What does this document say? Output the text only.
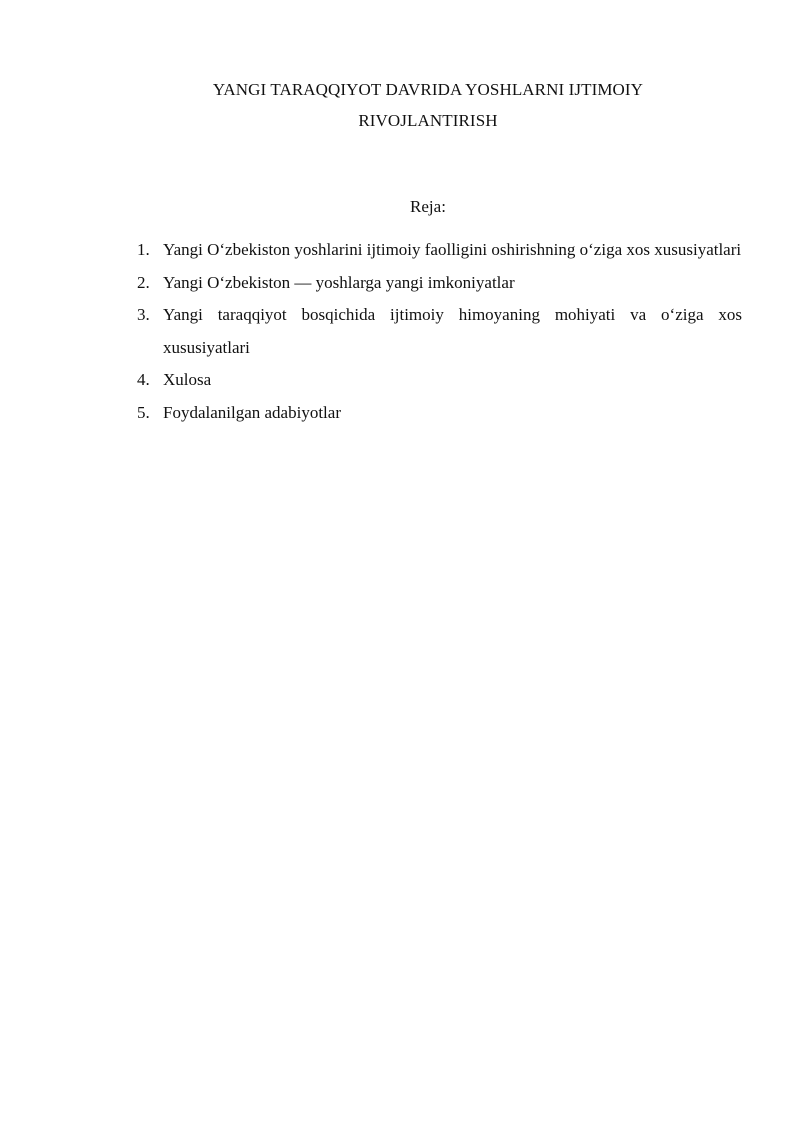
YANGI TARAQQIYOT DAVRIDA YOSHLARNI IJTIMOIY
RIVOJLANTIRISH
Reja:
1. Yangi O‘zbekiston yoshlarini ijtimoiy faolligini oshirishning o‘ziga xos xususiyatlari
2. Yangi O‘zbekiston — yoshlarga yangi imkoniyatlar
3. Yangi taraqqiyot bosqichida ijtimoiy himoyaning mohiyati va o‘ziga xos xususiyatlari
4. Xulosa
5. Foydalanilgan adabiyotlar
